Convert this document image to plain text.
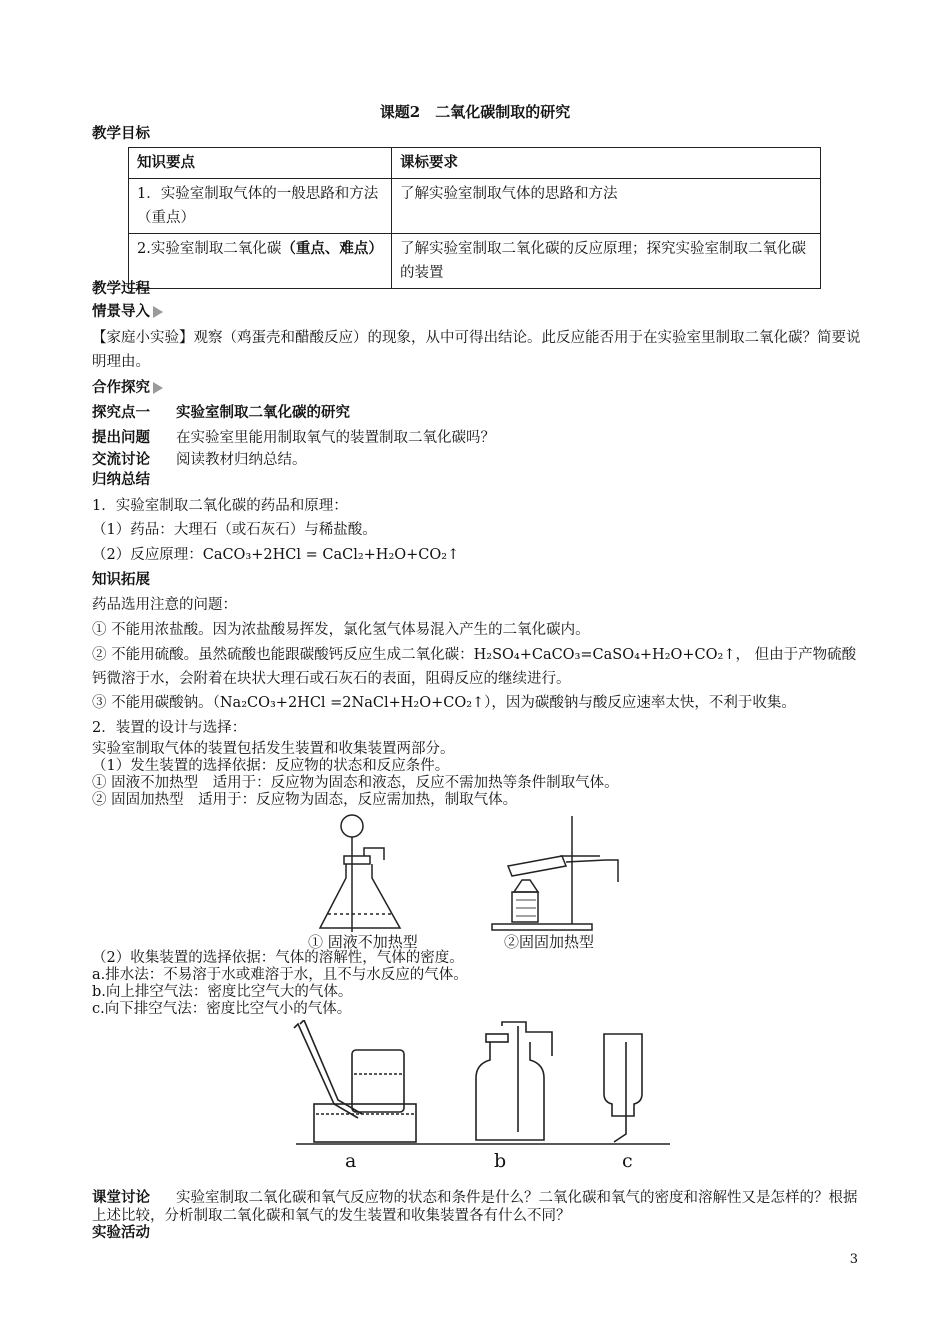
课题2　二氧化碳制取的研究
教学目标
知识要点	课标要求
1．实验室制取气体的一般思路和方法（重点）	了解实验室制取气体的思路和方法
2.实验室制取二氧化碳（重点、难点）	了解实验室制取二氧化碳的反应原理；探究实验室制取二氧化碳的装置
教学过程
情景导入
【家庭小实验】观察（鸡蛋壳和醋酸反应）的现象，从中可得出结论。此反应能否用于在实验室里制取二氧化碳？简要说明理由。
合作探究
探究点一 实验室制取二氧化碳的研究
提出问题 在实验室里能用制取氧气的装置制取二氧化碳吗？
交流讨论 阅读教材归纳总结。
归纳总结
1．实验室制取二氧化碳的药品和原理：
（1）药品：大理石（或石灰石）与稀盐酸。
（2）反应原理：CaCO₃+2HCl = CaCl₂+H₂O+CO₂↑
知识拓展
药品选用注意的问题：
① 不能用浓盐酸。因为浓盐酸易挥发，氯化氢气体易混入产生的二氧化碳内。
② 不能用硫酸。虽然硫酸也能跟碳酸钙反应生成二氧化碳：H₂SO₄+CaCO₃=CaSO₄+H₂O+CO₂↑， 但由于产物硫酸钙微溶于水，会附着在块状大理石或石灰石的表面，阻碍反应的继续进行。
③ 不能用碳酸钠。（Na₂CO₃+2HCl =2NaCl+H₂O+CO₂↑），因为碳酸钠与酸反应速率太快，不利于收集。
2．装置的设计与选择：
实验室制取气体的装置包括发生装置和收集装置两部分。
（1）发生装置的选择依据：反应物的状态和反应条件。
① 固液不加热型　适用于：反应物为固态和液态，反应不需加热等条件制取气体。
② 固固加热型　适用于：反应物为固态，反应需加热，制取气体。
① 固液不加热型	②固固加热型
（2）收集装置的选择依据：气体的溶解性，气体的密度。
a.排水法：不易溶于水或难溶于水，且不与水反应的气体。
b.向上排空气法：密度比空气大的气体。
c.向下排空气法：密度比空气小的气体。
a	b	c
课堂讨论 实验室制取二氧化碳和氧气反应物的状态和条件是什么？二氧化碳和氧气的密度和溶解性又是怎样的？根据上述比较，分析制取二氧化碳和氧气的发生装置和收集装置各有什么不同？
实验活动
3
